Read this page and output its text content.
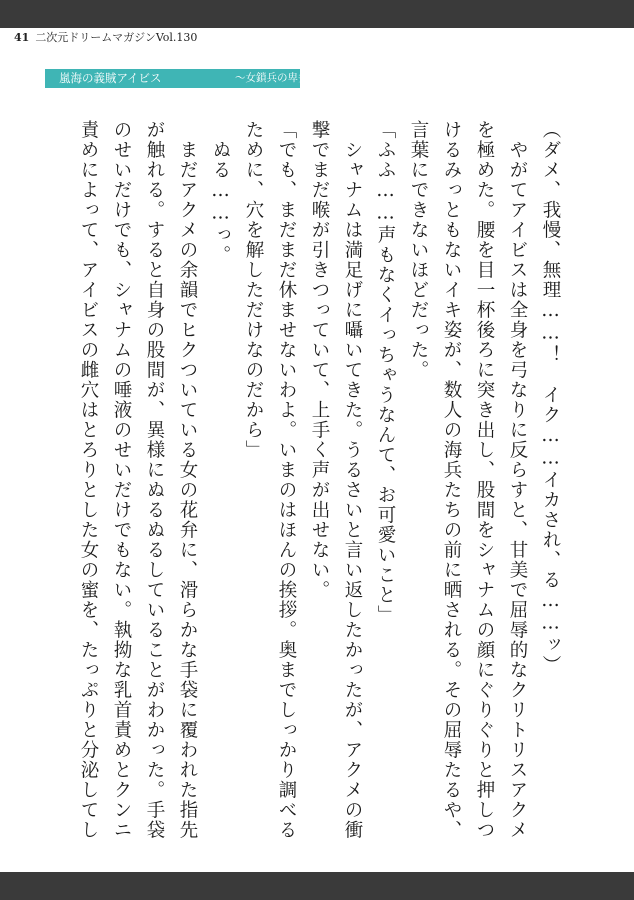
41 二次元ドリームマガジンVol.130
嵐海の義賊アイビス	～女鎖兵の卑劣な罠～
（ダメ、我慢、無理……！　イク……イカされ、る……ッ）
　やがてアイビスは全身を弓なりに反らすと、甘美で屈辱的なクリトリスアクメ
を極めた。腰を目一杯後ろに突き出し、股間をシャナムの顔にぐりぐりと押しつ
けるみっともないイキ姿が、数人の海兵たちの前に晒される。その屈辱たるや、
言葉にできないほどだった。
「ふふ……声もなくイっちゃうなんて、お可愛いこと」
　シャナムは満足げに囁いてきた。うるさいと言い返したかったが、アクメの衝
撃でまだ喉が引きつっていて、上手く声が出せない。
「でも、まだまだ休ませないわよ。いまのはほんの挨拶。奥までしっかり調べる
ために、穴を解しただけなのだから」
　ぬる……っ。
　まだアクメの余韻でヒクついている女の花弁に、滑らかな手袋に覆われた指先
が触れる。すると自身の股間が、異様にぬるぬるしていることがわかった。手袋
のせいだけでも、シャナムの唾液のせいだけでもない。執拗な乳首責めとクンニ
責めによって、アイビスの雌穴はとろりとした女の蜜を、たっぷりと分泌してし
